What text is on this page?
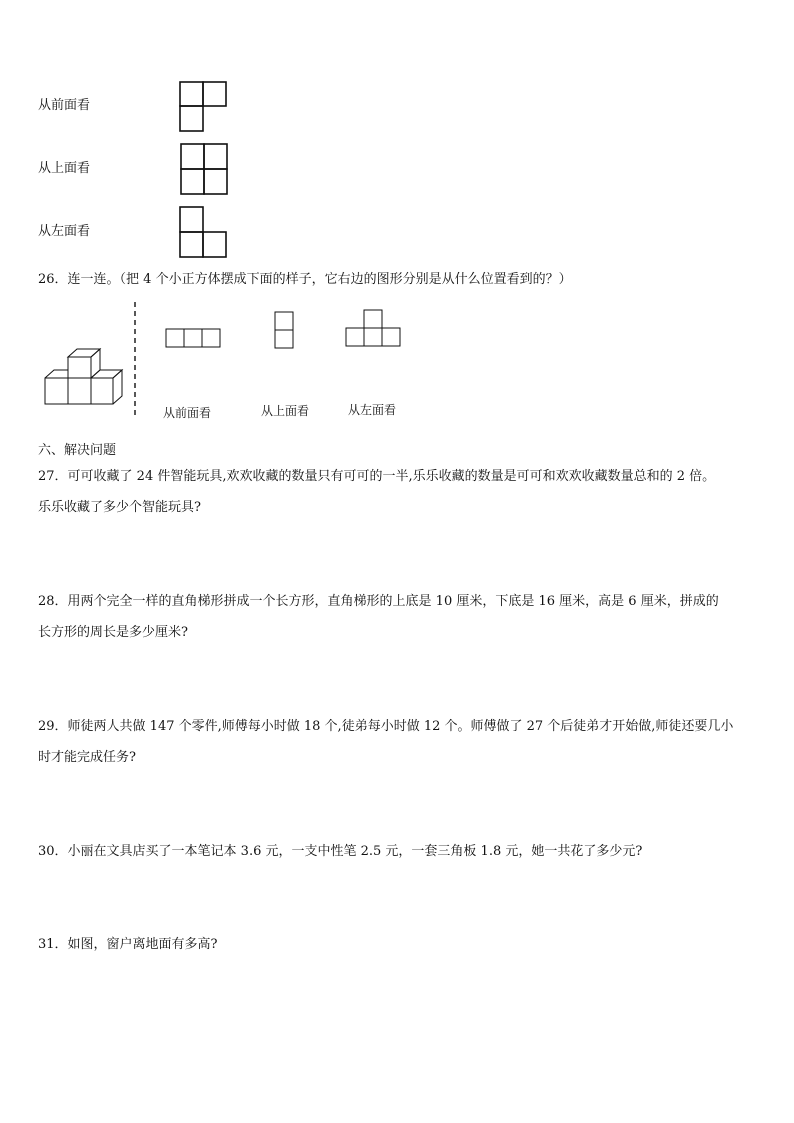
从前面看
从上面看
从左面看
26．连一连。（把 4 个小正方体摆成下面的样子，它右边的图形分别是从什么位置看到的？）
从前面看	从上面看	从左面看
六、解决问题
27．可可收藏了 24 件智能玩具,欢欢收藏的数量只有可可的一半,乐乐收藏的数量是可可和欢欢收藏数量总和的 2 倍。
乐乐收藏了多少个智能玩具?
28．用两个完全一样的直角梯形拼成一个长方形，直角梯形的上底是 10 厘米，下底是 16 厘米，高是 6 厘米，拼成的
长方形的周长是多少厘米?
29．师徒两人共做 147 个零件,师傅每小时做 18 个,徒弟每小时做 12 个。师傅做了 27 个后徒弟才开始做,师徒还要几小
时才能完成任务?
30．小丽在文具店买了一本笔记本 3.6 元，一支中性笔 2.5 元，一套三角板 1.8 元，她一共花了多少元?
31．如图，窗户离地面有多高?
